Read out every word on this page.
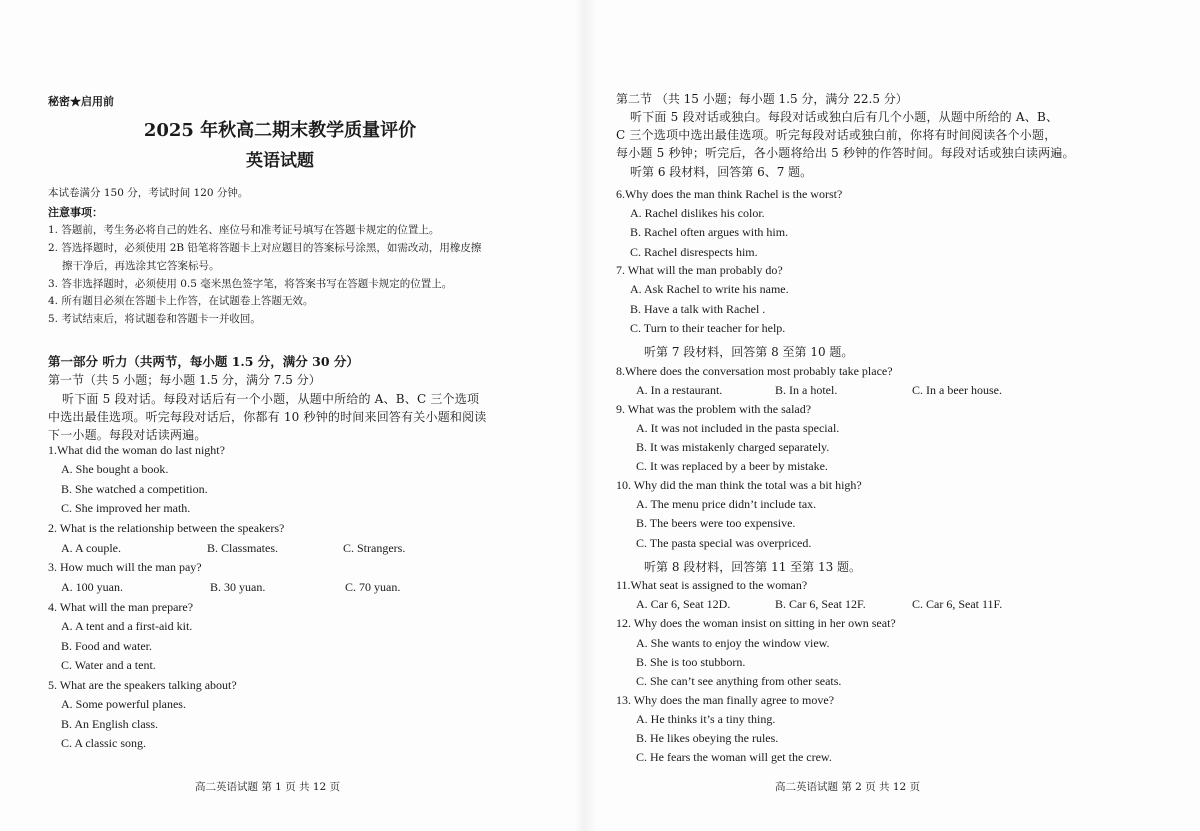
秘密★启用前
2025 年秋高二期末教学质量评价
英语试题
本试卷满分 150 分，考试时间 120 分钟。
注意事项：
1. 答题前，考生务必将自己的姓名、座位号和准考证号填写在答题卡规定的位置上。
2. 答选择题时，必须使用 2B 铅笔将答题卡上对应题目的答案标号涂黑，如需改动，用橡皮擦
擦干净后，再选涂其它答案标号。
3. 答非选择题时，必须使用 0.5 毫米黑色签字笔，将答案书写在答题卡规定的位置上。
4. 所有题目必须在答题卡上作答，在试题卷上答题无效。
5. 考试结束后，将试题卷和答题卡一并收回。
第一部分 听力（共两节，每小题 1.5 分，满分 30 分）
第一节（共 5 小题；每小题 1.5 分，满分 7.5 分）
听下面 5 段对话。每段对话后有一个小题，从题中所给的 A、B、C 三个选项
中选出最佳选项。听完每段对话后，你都有 10 秒钟的时间来回答有关小题和阅读
下一小题。每段对话读两遍。
1.What did the woman do last night?
A. She bought a book.
B. She watched a competition.
C. She improved her math.
2. What is the relationship between the speakers?
A. A couple.	B. Classmates.	C. Strangers.
3. How much will the man pay?
A. 100 yuan.	B. 30 yuan.	C. 70 yuan.
4. What will the man prepare?
A. A tent and a first-aid kit.
B. Food and water.
C. Water and a tent.
5. What are the speakers talking about?
A. Some powerful planes.
B. An English class.
C. A classic song.
高二英语试题 第 1 页 共 12 页
第二节 （共 15 小题；每小题 1.5 分，满分 22.5 分）
听下面 5 段对话或独白。每段对话或独白后有几个小题，从题中所给的 A、B、
C 三个选项中选出最佳选项。听完每段对话或独白前，你将有时间阅读各个小题，
每小题 5 秒钟；听完后，各小题将给出 5 秒钟的作答时间。每段对话或独白读两遍。
听第 6 段材料，回答第 6、7 题。
6.Why does the man think Rachel is the worst?
A. Rachel dislikes his color.
B. Rachel often argues with him.
C. Rachel disrespects him.
7. What will the man probably do?
A. Ask Rachel to write his name.
B. Have a talk with Rachel .
C. Turn to their teacher for help.
听第 7 段材料，回答第 8 至第 10 题。
8.Where does the conversation most probably take place?
A. In a restaurant.	B. In a hotel.	C. In a beer house.
9. What was the problem with the salad?
A. It was not included in the pasta special.
B. It was mistakenly charged separately.
C. It was replaced by a beer by mistake.
10. Why did the man think the total was a bit high?
A. The menu price didn’t include tax.
B. The beers were too expensive.
C. The pasta special was overpriced.
听第 8 段材料，回答第 11 至第 13 题。
11.What seat is assigned to the woman?
A. Car 6, Seat 12D.	B. Car 6, Seat 12F.	C. Car 6, Seat 11F.
12. Why does the woman insist on sitting in her own seat?
A. She wants to enjoy the window view.
B. She is too stubborn.
C. She can’t see anything from other seats.
13. Why does the man finally agree to move?
A. He thinks it’s a tiny thing.
B. He likes obeying the rules.
C. He fears the woman will get the crew.
高二英语试题 第 2 页 共 12 页
